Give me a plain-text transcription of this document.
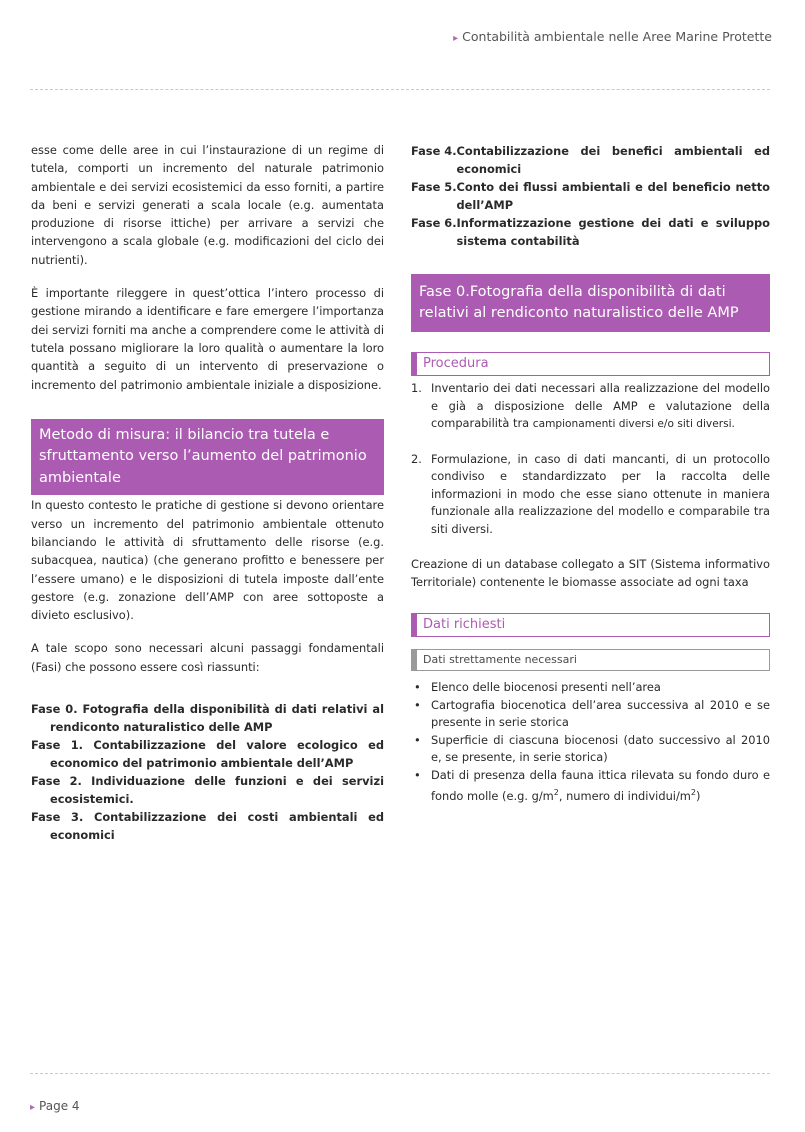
▸ Contabilità ambientale nelle Aree Marine Protette

esse come delle aree in cui l’instaurazione di un regime di tutela, comporti un incremento del naturale patrimonio ambientale e dei servizi ecosistemici da esso forniti, a partire da beni e servizi generati a scala locale (e.g. aumentata produzione di risorse ittiche) per arrivare a servizi che intervengono a scala globale (e.g. modificazioni del ciclo dei nutrienti).

È importante rileggere in quest’ottica l’intero processo di gestione mirando a identificare e fare emergere l’importanza dei servizi forniti ma anche a comprendere come le attività di tutela possano migliorare la loro qualità o aumentare la loro quantità a seguito di un intervento di preservazione o incremento del patrimonio ambientale iniziale a disposizione.

Metodo di misura: il bilancio tra tutela e sfruttamento verso l’aumento del patrimonio ambientale

In questo contesto le pratiche di gestione si devono orientare verso un incremento del patrimonio ambientale ottenuto bilanciando le attività di sfruttamento delle risorse (e.g. subacquea, nautica) (che generano profitto e benessere per l’essere umano) e le disposizioni di tutela imposte dall’ente gestore (e.g. zonazione dell’AMP con aree sottoposte a divieto esclusivo).

A tale scopo sono necessari alcuni passaggi fondamentali (Fasi) che possono essere così riassunti:

Fase 0. Fotografia della disponibilità di dati relativi al rendiconto naturalistico delle AMP
Fase 1. Contabilizzazione del valore ecologico ed economico del patrimonio ambientale dell’AMP
Fase 2. Individuazione delle funzioni e dei servizi ecosistemici.
Fase 3. Contabilizzazione dei costi ambientali ed economici
Fase 4. Contabilizzazione dei benefici ambientali ed economici
Fase 5. Conto dei flussi ambientali e del beneficio netto dell’AMP
Fase 6. Informatizzazione gestione dei dati e sviluppo sistema contabilità
Fase 0.Fotografia della disponibilità di dati relativi al rendiconto naturalistico delle AMP
Procedura
1. Inventario dei dati necessari alla realizzazione del modello e già a disposizione delle AMP e valutazione della comparabilità tra campionamenti diversi e/o siti diversi.
2. Formulazione, in caso di dati mancanti, di un protocollo condiviso e standardizzato per la raccolta delle informazioni in modo che esse siano ottenute in maniera funzionale alla realizzazione del modello e comparabile tra siti diversi.

Creazione di un database collegato a SIT (Sistema informativo Territoriale) contenente le biomasse associate ad ogni taxa

Dati richiesti
Dati strettamente necessari
• Elenco delle biocenosi presenti nell’area
• Cartografia biocenotica dell’area successiva al 2010 e se presente in serie storica
• Superficie di ciascuna biocenosi (dato successivo al 2010 e, se presente, in serie storica)
• Dati di presenza della fauna ittica rilevata su fondo duro e fondo molle (e.g. $g/m^2$, numero di individui/$m^2$)
▸ Page 4
